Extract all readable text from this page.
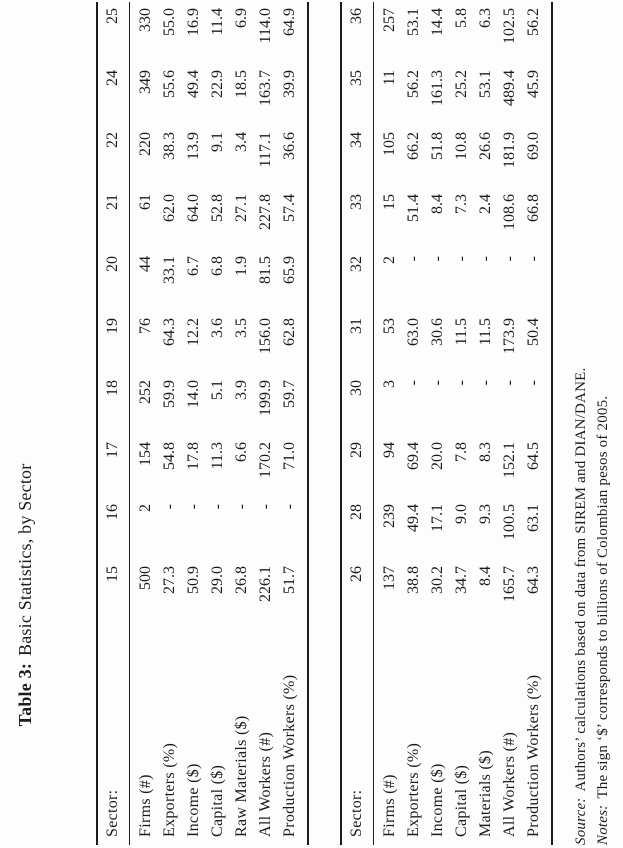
Table 3:Basic Statistics, by Sector
Sector:	15	16	17	18	19	20	21	22	24	25
Firms (#)	500	2	154	252	76	44	61	220	349	330
Exporters (%)	27.3	-	54.8	59.9	64.3	33.1	62.0	38.3	55.6	55.0
Income ($)	50.9	-	17.8	14.0	12.2	6.7	64.0	13.9	49.4	16.9
Capital ($)	29.0	-	11.3	5.1	3.6	6.8	52.8	9.1	22.9	11.4
Raw Materials ($)	26.8	-	6.6	3.9	3.5	1.9	27.1	3.4	18.5	6.9
All Workers (#)	226.1	-	170.2	199.9	156.0	81.5	227.8	117.1	163.7	114.0
Production Workers (%)	51.7	-	71.0	59.7	62.8	65.9	57.4	36.6	39.9	64.9
Sector:	26	28	29	30	31	32	33	34	35	36
Firms (#)	137	239	94	3	53	2	15	105	11	257
Exporters (%)	38.8	49.4	69.4	-	63.0	-	51.4	66.2	56.2	53.1
Income ($)	30.2	17.1	20.0	-	30.6	-	8.4	51.8	161.3	14.4
Capital ($)	34.7	9.0	7.8	-	11.5	-	7.3	10.8	25.2	5.8
Materials ($)	8.4	9.3	8.3	-	11.5	-	2.4	26.6	53.1	6.3
All Workers (#)	165.7	100.5	152.1	-	173.9	-	108.6	181.9	489.4	102.5
Production Workers (%)	64.3	63.1	64.5	-	50.4	-	66.8	69.0	45.9	56.2
Source:Authors’ calculations based on data from SIREM and DIAN/DANE.
Notes:The sign ‘$’ corresponds to billions of Colombian pesos of 2005.
